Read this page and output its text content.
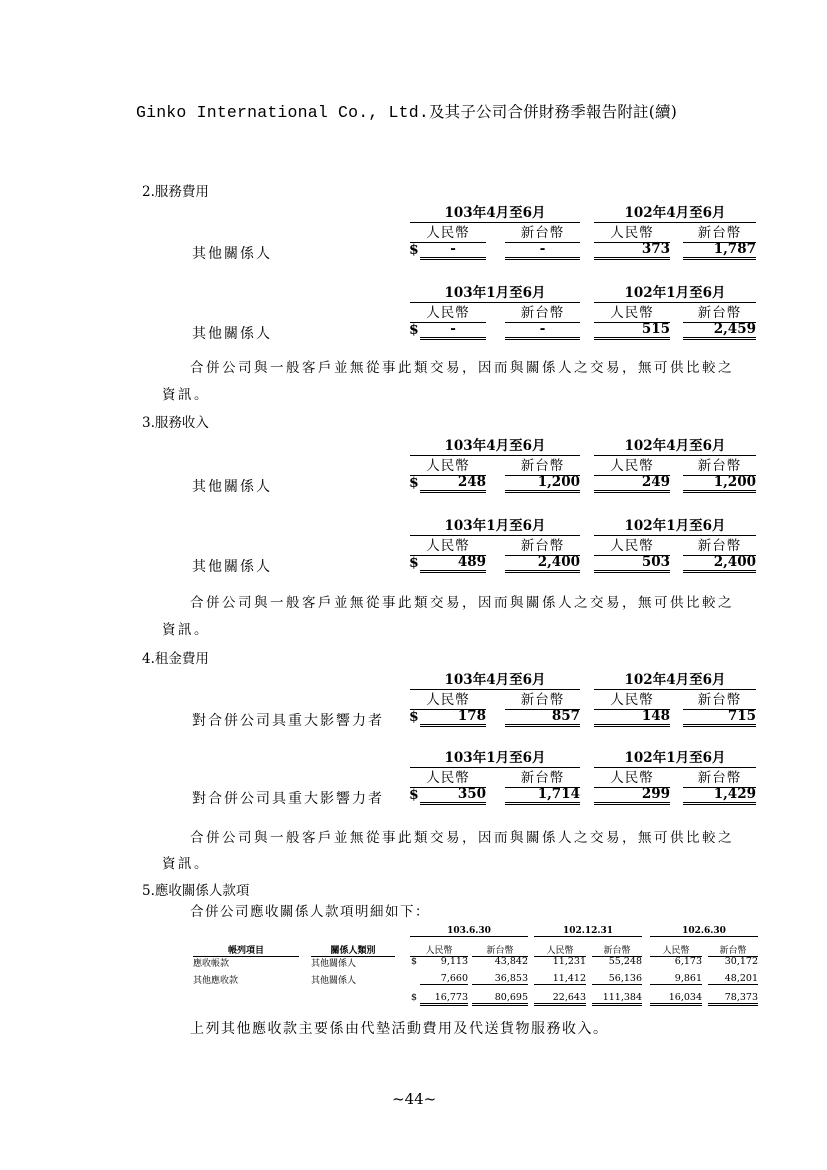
Ginko International Co., Ltd.及其子公司合併財務季報告附註(續)
2.服務費用
103年4月至6月	102年4月至6月
人民幣	新台幣	人民幣	新台幣
其他關係人	$	-	-	373	1,787
103年1月至6月	102年1月至6月
人民幣	新台幣	人民幣	新台幣
其他關係人	$	-	-	515	2,459
合併公司與一般客戶並無從事此類交易，因而與關係人之交易，無可供比較之
資訊。
3.服務收入
103年4月至6月	102年4月至6月
人民幣	新台幣	人民幣	新台幣
其他關係人	$	248	1,200	249	1,200
103年1月至6月	102年1月至6月
人民幣	新台幣	人民幣	新台幣
其他關係人	$	489	2,400	503	2,400
合併公司與一般客戶並無從事此類交易，因而與關係人之交易，無可供比較之
資訊。
4.租金費用
103年4月至6月	102年4月至6月
人民幣	新台幣	人民幣	新台幣
對合併公司具重大影響力者 $	178	857	148	715
103年1月至6月	102年1月至6月
人民幣	新台幣	人民幣	新台幣
對合併公司具重大影響力者 $	350	1,714	299	1,429
合併公司與一般客戶並無從事此類交易，因而與關係人之交易，無可供比較之
資訊。
5.應收關係人款項
合併公司應收關係人款項明細如下：
103.6.30	102.12.31	102.6.30
帳列項目	關係人類別	人民幣	新台幣	人民幣	新台幣	人民幣	新台幣
應收帳款	其他關係人	$	9,113	43,842	11,231	55,248	6,173	30,172
其他應收款	其他關係人	7,660	36,853	11,412	56,136	9,861	48,201
$	16,773	80,695	22,643	111,384	16,034	78,373
上列其他應收款主要係由代墊活動費用及代送貨物服務收入。
~44~
